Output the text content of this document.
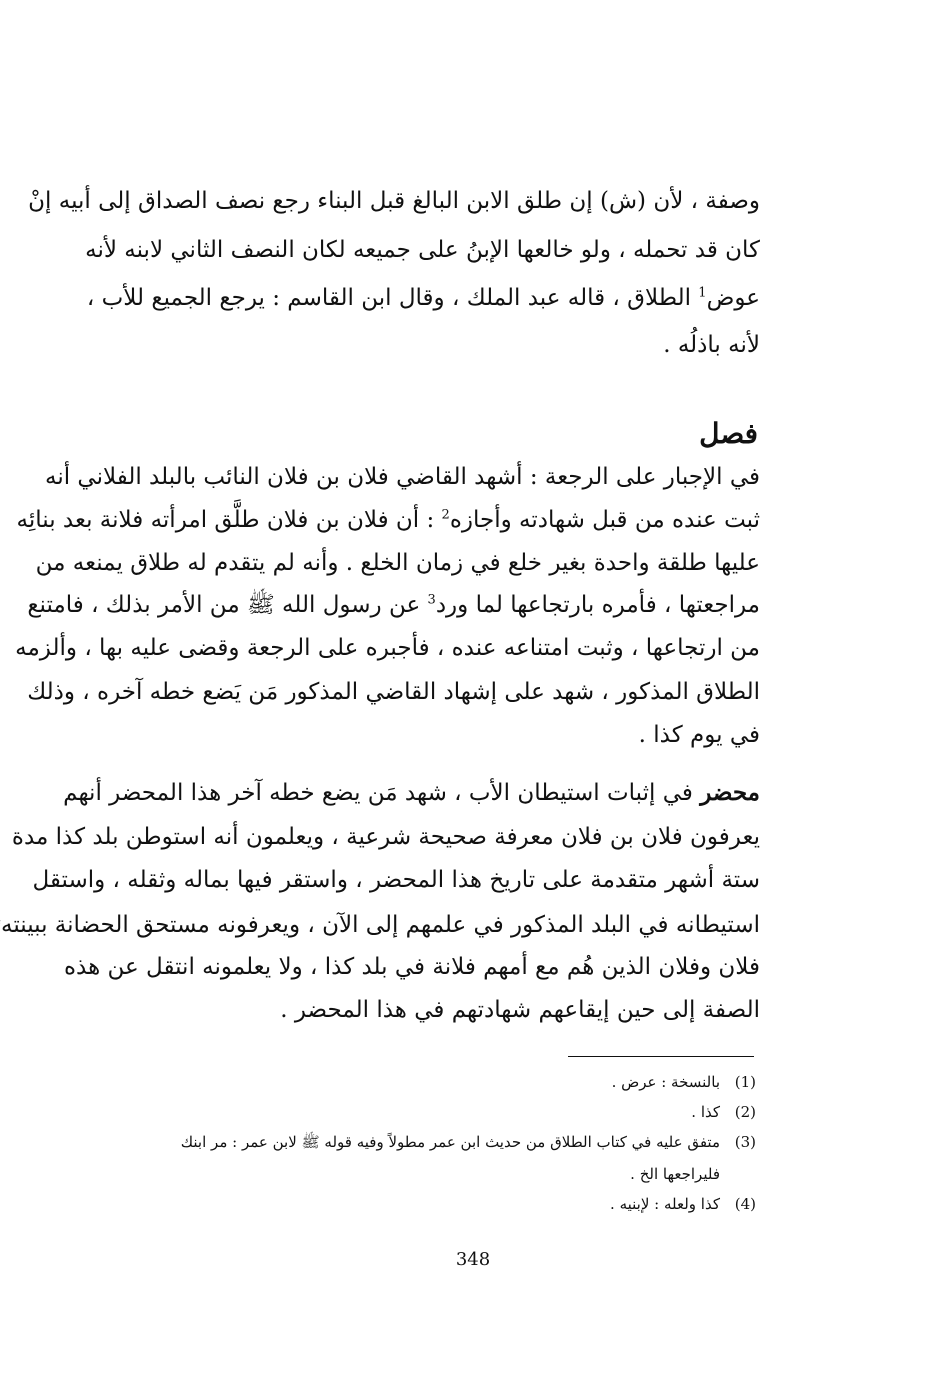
وصفة ، لأن (ش) إن طلق الابن البالغ قبل البناء رجع نصف الصداق إلى أبيه إنْ
كان قد تحمله ، ولو خالعها الإبنُ على جميعه لكان النصف الثاني لابنه لأنه
عوض$^1$ الطلاق ، قاله عبد الملك ، وقال ابن القاسم : يرجع الجميع للأب ،
لأنه باذلُه .
فصل
في الإجبار على الرجعة : أشهد القاضي فلان بن فلان النائب بالبلد الفلاني أنه
ثبت عنده من قبل شهادته وأجازه$^2$ : أن فلان بن فلان طلَّق امرأته فلانة بعد بنائِه
عليها طلقة واحدة بغير خلع في زمان الخلع . وأنه لم يتقدم له طلاق يمنعه من
مراجعتها ، فأمره بارتجاعها لما ورد$^3$ عن رسول الله ﷺ من الأمر بذلك ، فامتنع
من ارتجاعها ، وثبت امتناعه عنده ، فأجبره على الرجعة وقضى عليه بها ، وألزمه
الطلاق المذكور ، شهد على إشهاد القاضي المذكور مَن يَضع خطه آخره ، وذلك
في يوم كذا .
محضر في إثبات استيطان الأب ، شهد مَن يضع خطه آخر هذا المحضر أنهم
يعرفون فلان بن فلان معرفة صحيحة شرعية ، ويعلمون أنه استوطن بلد كذا مدة
ستة أشهر متقدمة على تاريخ هذا المحضر ، واستقر فيها بماله وثقله ، واستقل
استيطانه في البلد المذكور في علمهم إلى الآن ، ويعرفونه مستحق الحضانة ببينته
فلان وفلان الذين هُم مع أمهم فلانة في بلد كذا ، ولا يعلمونه انتقل عن هذه
الصفة إلى حين إيقاعهم شهادتهم في هذا المحضر .
(1)بالنسخة : عرض .
(2)كذا .
(3)متفق عليه في كتاب الطلاق من حديث ابن عمر مطولاً وفيه قوله ﷺ لابن عمر : مر ابنك
فليراجعها الخ .
(4)كذا ولعله : لإبنيه .
348
